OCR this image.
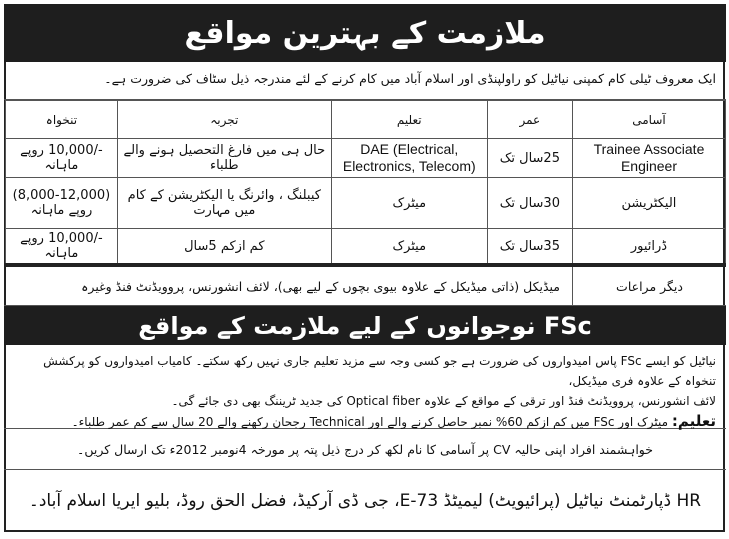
ملازمت کے بہترین مواقع
ایک معروف ٹیلی کام کمپنی نیاٹیل کو راولپنڈی اور اسلام آباد میں کام کرنے کے لئے مندرجہ ذیل سٹاف کی ضرورت ہے۔
آسامی	عمر	تعلیم	تجربہ	تنخواہ
Trainee Associate Engineer	25سال تک	DAE (Electrical, Electronics, Telecom)	حال ہی میں فارغ التحصیل ہونے والے طلباء	-/10,000 روپے ماہانہ
الیکٹریشن	30سال تک	میٹرک	کیبلنگ ، وائرنگ یا الیکٹریشن کے کام میں مہارت	(8,000-12,000) روپے ماہانہ
ڈرائیور	35سال تک	میٹرک	کم ازکم 5سال	-/10,000 روپے ماہانہ
دیگر مراعات
میڈیکل (ذاتی میڈیکل کے علاوہ بیوی بچوں کے لیے بھی)، لائف انشورنس، پروویڈنٹ فنڈ وغیرہ
FSc نوجوانوں کے لیے ملازمت کے مواقع
نیاٹیل کو ایسے FSc پاس امیدواروں کی ضرورت ہے جو کسی وجہ سے مزید تعلیم جاری نہیں رکھ سکتے۔ کامیاب امیدواروں کو پرکشش تنخواہ کے علاوہ فری میڈیکل،
لائف انشورنس، پروویڈنٹ فنڈ اور ترقی کے مواقع کے علاوہ Optical fiber کی جدید ٹریننگ بھی دی جائے گی۔
تعلیم: میٹرک اور FSc میں کم ازکم 60% نمبر حاصل کرنے والے اور Technical رجحان رکھنے والے 20 سال سے کم عمر طلباء۔
خواہشمند افراد اپنی حالیہ CV پر آسامی کا نام لکھ کر درج ذیل پتہ پر مورخہ 4نومبر 2012ء تک ارسال کریں۔
HR ڈپارٹمنٹ نیاٹیل (پرائیویٹ) لیمیٹڈ E-73، جی ڈی آرکیڈ، فضل الحق روڈ، بلیو ایریا اسلام آباد۔
